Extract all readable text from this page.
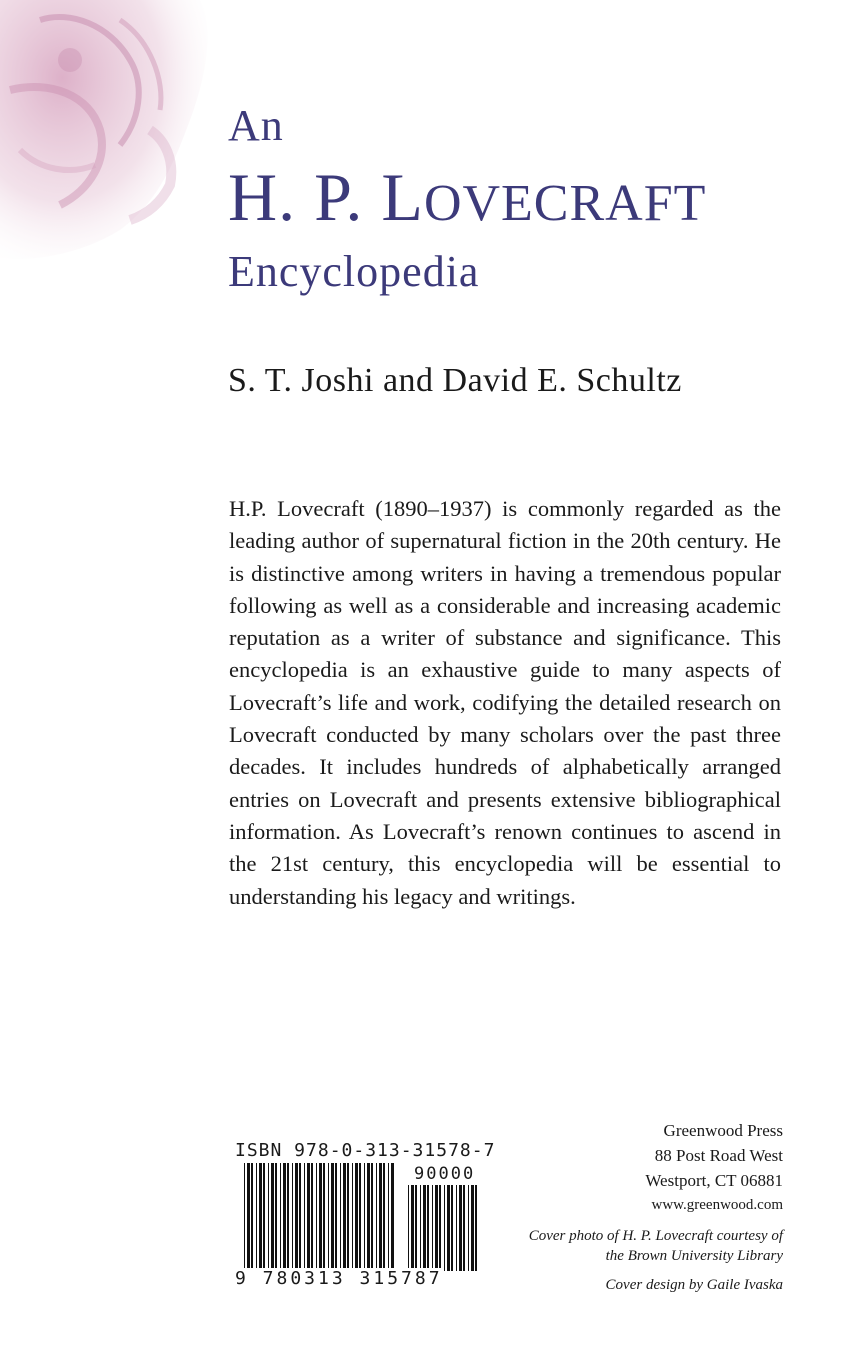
An
H. P. LOVECRAFT
Encyclopedia
S. T. Joshi and David E. Schultz
H.P. Lovecraft (1890–1937) is commonly regarded as the leading author of supernatural fiction in the 20th century. He is distinctive among writers in having a tremendous popular following as well as a considerable and increasing academic reputation as a writer of substance and significance. This encyclopedia is an exhaustive guide to many aspects of Lovecraft’s life and work, codifying the detailed research on Lovecraft conducted by many scholars over the past three decades. It includes hundreds of alphabetically arranged entries on Lovecraft and presents extensive bibliographical information. As Lovecraft’s renown continues to ascend in the 21st century, this encyclopedia will be essential to understanding his legacy and writings.
ISBN 978-0-313-31578-7
90000
9 780313 315787
Greenwood Press
88 Post Road West
Westport, CT 06881
www.greenwood.com
Cover photo of H. P. Lovecraft courtesy of
the Brown University Library
Cover design by Gaile Ivaska
